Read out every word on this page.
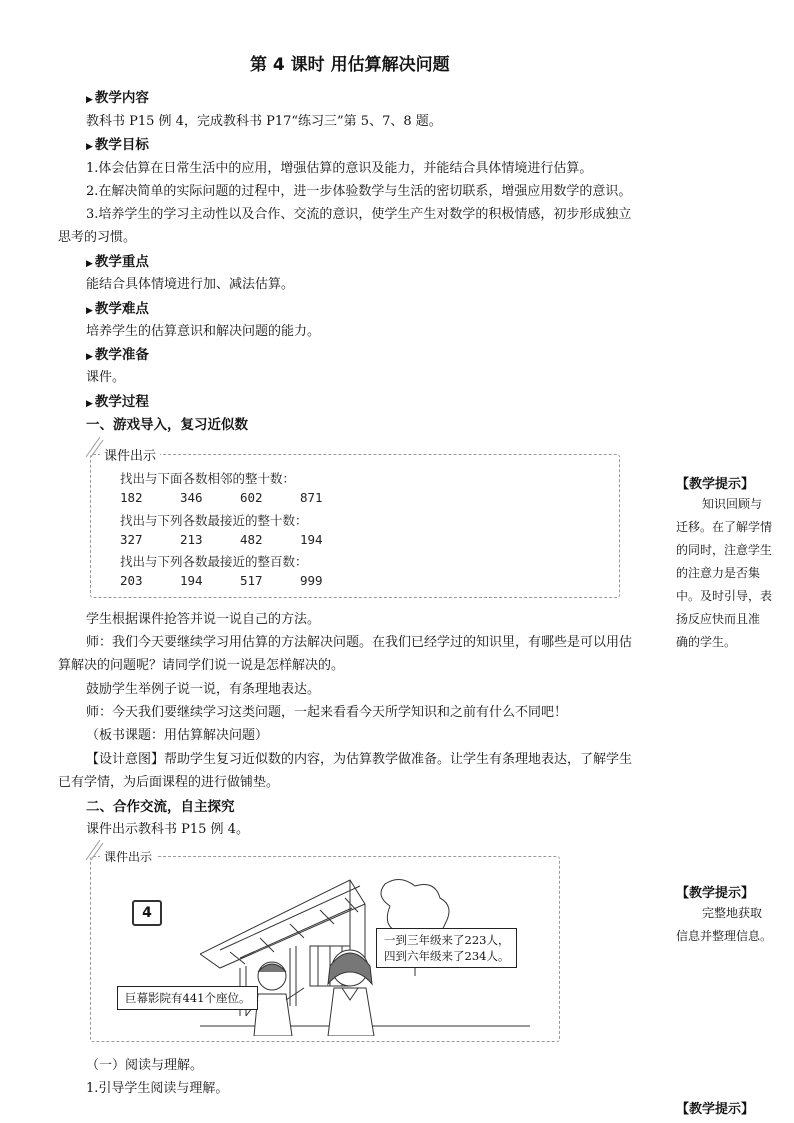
第 4 课时 用估算解决问题
▶ 教学内容
教科书 P15 例 4，完成教科书 P17“练习三”第 5、7、8 题。
▶ 教学目标
1.体会估算在日常生活中的应用，增强估算的意识及能力，并能结合具体情境进行估算。
2.在解决简单的实际问题的过程中，进一步体验数学与生活的密切联系，增强应用数学的意识。
3.培养学生的学习主动性以及合作、交流的意识，使学生产生对数学的积极情感，初步形成独立
思考的习惯。
▶ 教学重点
能结合具体情境进行加、减法估算。
▶ 教学难点
培养学生的估算意识和解决问题的能力。
▶ 教学准备
课件。
▶ 教学过程
一、游戏导入，复习近似数
课件出示
找出与下面各数相邻的整十数：
182	346	602	871
找出与下列各数最接近的整十数：
327	213	482	194
找出与下列各数最接近的整百数：
203	194	517	999
学生根据课件抢答并说一说自己的方法。
师：我们今天要继续学习用估算的方法解决问题。在我们已经学过的知识里，有哪些是可以用估
算解决的问题呢？请同学们说一说是怎样解决的。
鼓励学生举例子说一说，有条理地表达。
师：今天我们要继续学习这类问题，一起来看看今天所学知识和之前有什么不同吧！
（板书课题：用估算解决问题）
【设计意图】帮助学生复习近似数的内容，为估算教学做准备。让学生有条理地表达，了解学生
已有学情，为后面课程的进行做铺垫。
二、合作交流，自主探究
课件出示教科书 P15 例 4。
课件出示
4
一到三年级来了223人，
四到六年级来了234人。
巨幕影院有441个座位。
（一）阅读与理解。
1.引导学生阅读与理解。
【教学提示】
知识回顾与
迁移。在了解学情
的同时，注意学生
的注意力是否集
中。及时引导，表
扬反应快而且准
确的学生。
【教学提示】
完整地获取
信息并整理信息。
【教学提示】
